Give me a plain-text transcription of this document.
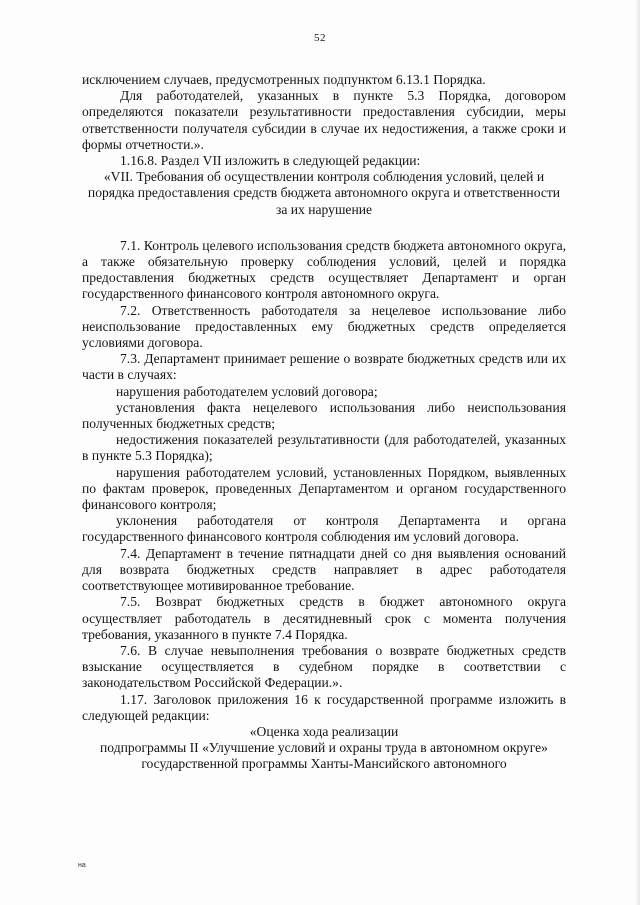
52

исключением случаев, предусмотренных подпунктом 6.13.1 Порядка.

Для работодателей, указанных в пункте 5.3 Порядка, договором определяются показатели результативности предоставления субсидии, меры ответственности получателя субсидии в случае их недостижения, а также сроки и формы отчетности.».

1.16.8. Раздел VII изложить в следующей редакции:

«VII. Требования об осуществлении контроля соблюдения условий, целей и порядка предоставления средств бюджета автономного округа и ответственности за их нарушение

7.1. Контроль целевого использования средств бюджета автономного округа, а также обязательную проверку соблюдения условий, целей и порядка предоставления бюджетных средств осуществляет Департамент и орган государственного финансового контроля автономного округа.

7.2. Ответственность работодателя за нецелевое использование либо неиспользование предоставленных ему бюджетных средств определяется условиями договора.

7.3. Департамент принимает решение о возврате бюджетных средств или их части в случаях:

нарушения работодателем условий договора;

установления факта нецелевого использования либо неиспользования полученных бюджетных средств;

недостижения показателей результативности (для работодателей, указанных в пункте 5.3 Порядка);

нарушения работодателем условий, установленных Порядком, выявленных по фактам проверок, проведенных Департаментом и органом государственного финансового контроля;

уклонения работодателя от контроля Департамента и органа государственного финансового контроля соблюдения им условий договора.

7.4. Департамент в течение пятнадцати дней со дня выявления оснований для возврата бюджетных средств направляет в адрес работодателя соответствующее мотивированное требование.

7.5. Возврат бюджетных средств в бюджет автономного округа осуществляет работодатель в десятидневный срок с момента получения требования, указанного в пункте 7.4 Порядка.

7.6. В случае невыполнения требования о возврате бюджетных средств взыскание осуществляется в судебном порядке в соответствии с законодательством Российской Федерации.».

1.17. Заголовок приложения 16 к государственной программе изложить в следующей редакции:

«Оценка хода реализации

подпрограммы II «Улучшение условий и охраны труда в автономном округе» государственной программы Ханты-Мансийского автономного

на
